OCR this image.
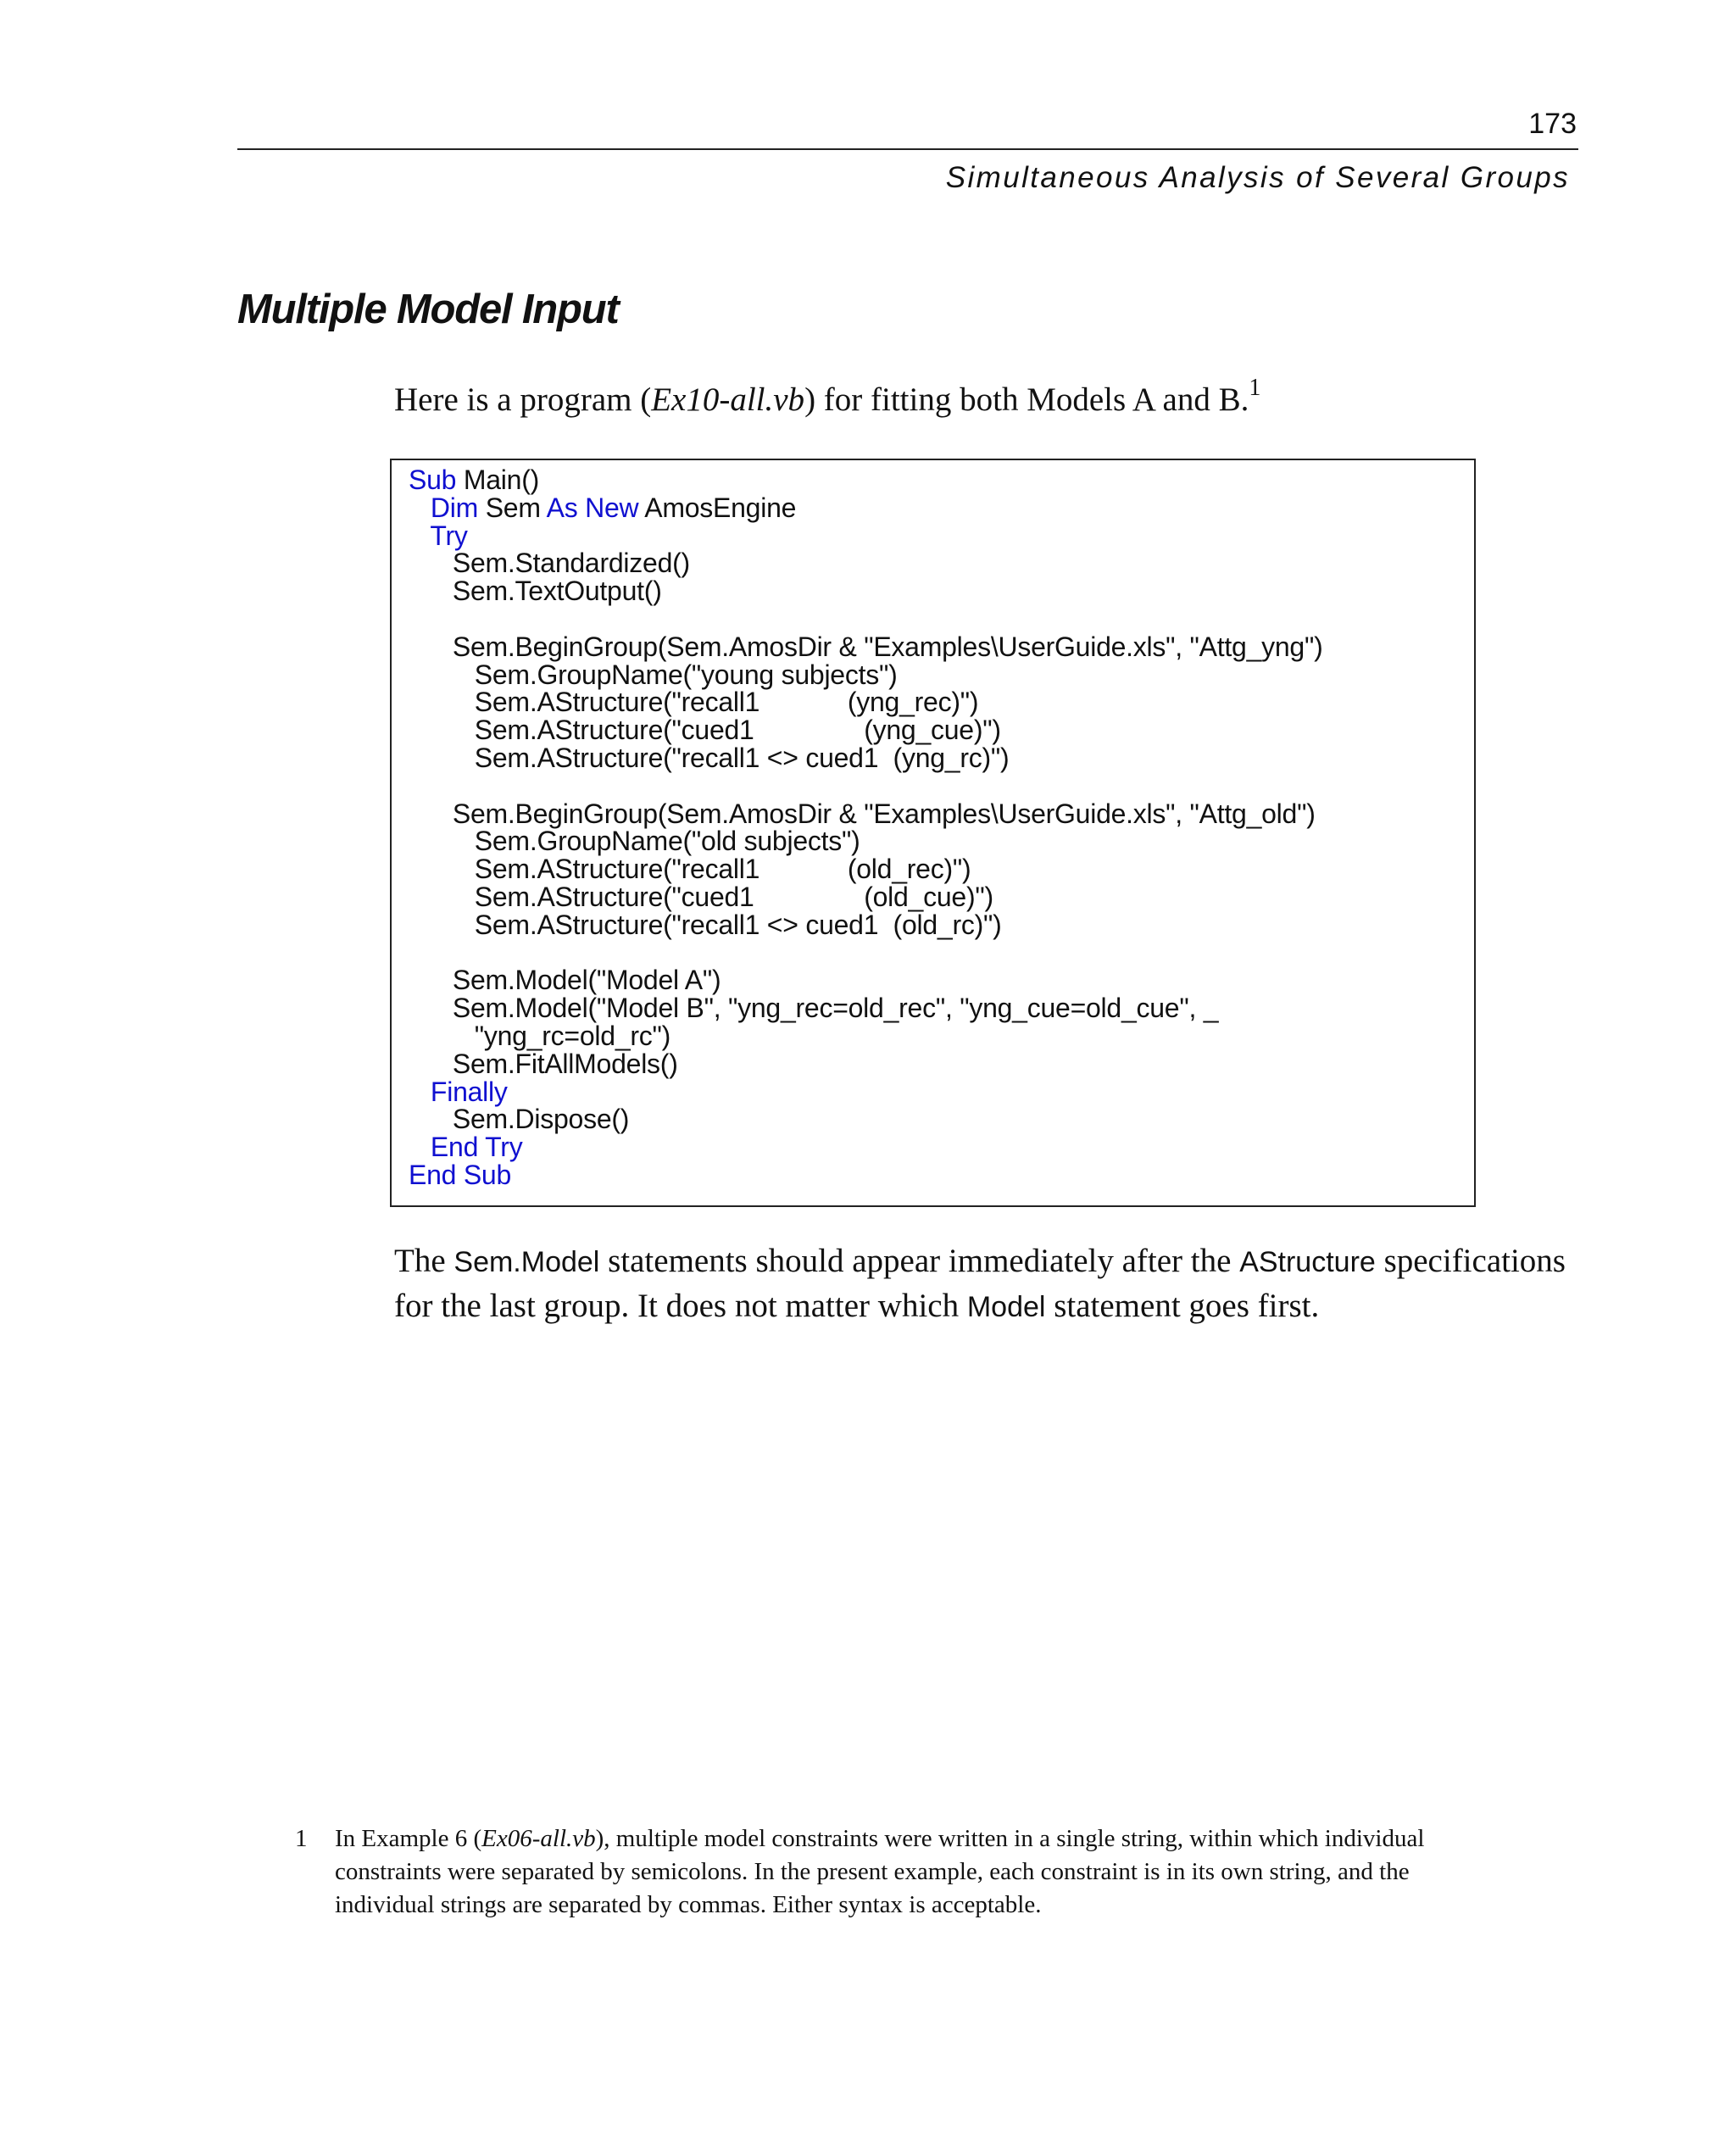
173
Simultaneous Analysis of Several Groups
Multiple Model Input

Here is a program (Ex10-all.vb) for fitting both Models A and B.$^1$

Sub Main()
Dim Sem As New AmosEngine
Try
Sem.Standardized()
Sem.TextOutput()
Sem.BeginGroup(Sem.AmosDir & "Examples\UserGuide.xls", "Attg_yng")
Sem.GroupName("young subjects")
Sem.AStructure("recall1            (yng_rec)")
Sem.AStructure("cued1               (yng_cue)")
Sem.AStructure("recall1 <> cued1  (yng_rc)")
Sem.BeginGroup(Sem.AmosDir & "Examples\UserGuide.xls", "Attg_old")
Sem.GroupName("old subjects")
Sem.AStructure("recall1            (old_rec)")
Sem.AStructure("cued1               (old_cue)")
Sem.AStructure("recall1 <> cued1  (old_rc)")
Sem.Model("Model A")
Sem.Model("Model B", "yng_rec=old_rec", "yng_cue=old_cue", _
"yng_rc=old_rc")
Sem.FitAllModels()
Finally
Sem.Dispose()
End Try
End Sub

The Sem.Model statements should appear immediately after the AStructure specifications for the last group. It does not matter which Model statement goes first.

1 In Example 6 (Ex06-all.vb), multiple model constraints were written in a single string, within which individual constraints were separated by semicolons. In the present example, each constraint is in its own string, and the individual strings are separated by commas. Either syntax is acceptable.
